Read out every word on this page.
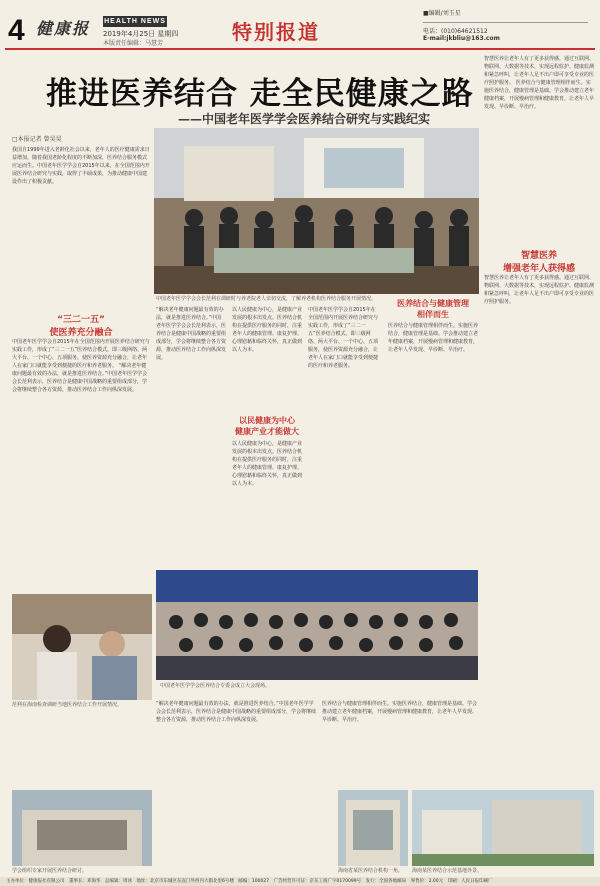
4 健康报 HEALTH NEWS
2019年4月25日 星期四
本版责任编辑：马慧芳	特别报道
■编辑/刘玉星
电话：(010)64621512
E-mail:jkbliu@163.com
推进医养结合 走全民健康之路
——中国老年医学学会医养结合研究与实践纪实
智慧医养让老年人有了更多获得感。通过互联网、物联网、大数据等技术，实现远程监护、健康监测和紧急呼叫，让老年人足不出户即可享受专业的医疗照护服务。 医养结合与健康管理相伴而生。实施医养结合，健康管理是基础。学会推动建立老年健康档案，开展慢病管理和健康教育，让老年人早发现、早诊断、早治疗。
中国老年医学学会会长范利在调研时与养老院老人亲切交流，了解养老机构医养结合服务开展情况。
□本报记者 曾昊昊
我国自1999年进入老龄化社会以来，老年人的医疗健康需求日益增加。随着我国老龄化程度的不断加深，医养结合服务模式应运而生。中国老年医学学会自2015年以来，在全国范围内开展医养结合研究与实践，取得了丰硕成果，为推动健康中国建设作出了积极贡献。
“三二一五”
使医养充分融合
中国老年医学学会自2015年在全国范围内开展医养结合研究与实践工作，形成了“三二一五”医养结合模式，即三级网络、两大平台、一个中心、五项服务，使医养资源充分融合，让老年人在家门口就能享受到便捷的医疗和养老服务。 “解决老年健康问题最有效的办法，就是推进医养结合。”中国老年医学学会会长范利表示，医养结合是健康中国战略的重要组成部分，学会将继续整合各方资源，推动医养结合工作向纵深发展。
“解决老年健康问题最有效的办法，就是推进医养结合。”中国老年医学学会会长范利表示，医养结合是健康中国战略的重要组成部分，学会将继续整合各方资源，推动医养结合工作向纵深发展。
以人民健康为中心，是健康产业发展的根本出发点。医养结合机构在提供医疗服务的同时，注重老年人的健康管理、康复护理、心理慰藉和临终关怀，真正做到以人为本。
以民健康为中心
健康产业才能做大
以人民健康为中心，是健康产业发展的根本出发点。医养结合机构在提供医疗服务的同时，注重老年人的健康管理、康复护理、心理慰藉和临终关怀，真正做到以人为本。
中国老年医学学会自2015年在全国范围内开展医养结合研究与实践工作，形成了“三二一五”医养结合模式，即三级网络、两大平台、一个中心、五项服务，使医养资源充分融合，让老年人在家门口就能享受到便捷的医疗和养老服务。
医养结合与健康管理
相伴而生
医养结合与健康管理相伴而生。实施医养结合，健康管理是基础。学会推动建立老年健康档案，开展慢病管理和健康教育，让老年人早发现、早诊断、早治疗。
智慧医养
增强老年人获得感
智慧医养让老年人有了更多获得感。通过互联网、物联网、大数据等技术，实现远程监护、健康监测和紧急呼叫，让老年人足不出户即可享受专业的医疗照护服务。
范利在海南检查调研当地医养结合工作开展情况。
中国老年医学学会医养结合专委会成立大会现场。
“解决老年健康问题最有效的办法，就是推进医养结合。”中国老年医学学会会长范利表示，医养结合是健康中国战略的重要组成部分，学会将继续整合各方资源，推动医养结合工作向纵深发展。
医养结合与健康管理相伴而生。实施医养结合，健康管理是基础。学会推动建立老年健康档案，开展慢病管理和健康教育，让老年人早发现、早诊断、早治疗。
学会组织专家开展医养结合研讨。	海南某医养结合示范基地外景。
海南省某医养结合机构一角。
主办单位：健康报社有限公司　董事长：邓海华　总编辑：周冰　地址：北京市东城区东直门外西内大街北里6号楼　邮编：100027　广告经营许可证：京东工商广字0170099号　发行：全国各地邮局　零售价：2.00元　印刷：人民日报印刷厂
